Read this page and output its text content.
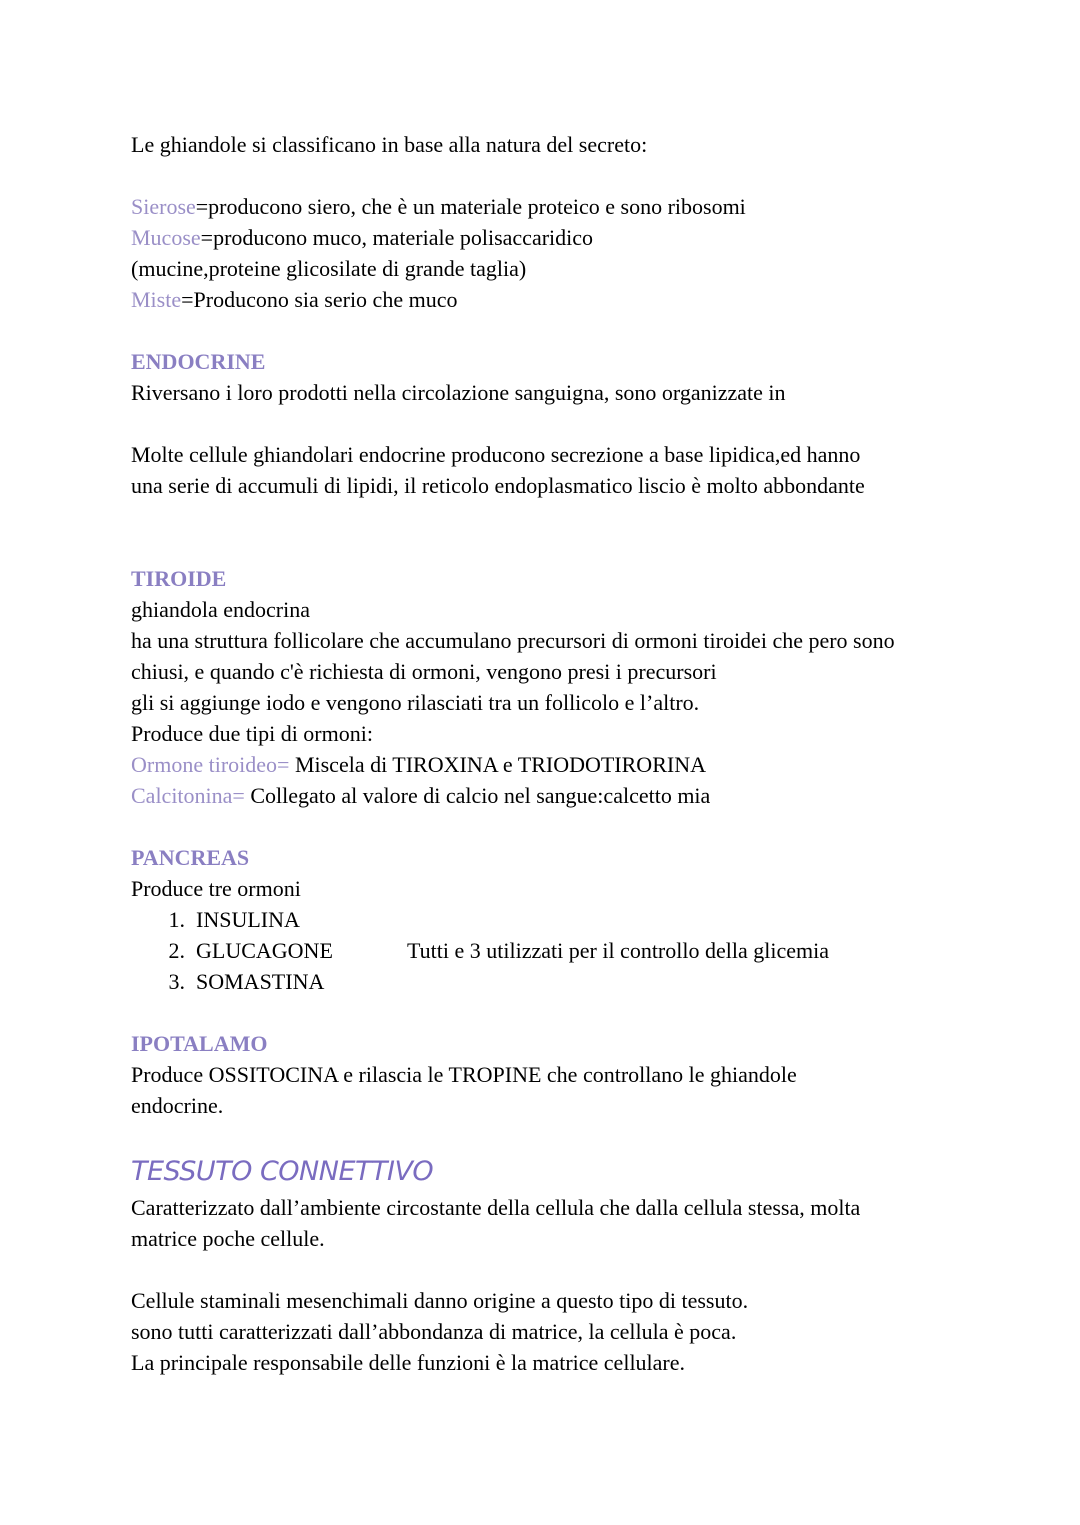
Le ghiandole si classificano in base alla natura del secreto:
Sierose=producono siero, che è un materiale proteico e sono ribosomi
Mucose=producono muco, materiale polisaccaridico
(mucine,proteine glicosilate di grande taglia)
Miste=Producono sia serio che muco
ENDOCRINE
Riversano i loro prodotti nella circolazione sanguigna, sono organizzate in
Molte cellule ghiandolari endocrine producono secrezione a base lipidica,ed hanno
una serie di accumuli di lipidi, il reticolo endoplasmatico liscio è molto abbondante
TIROIDE
ghiandola endocrina
ha una struttura follicolare che accumulano precursori di ormoni tiroidei che pero sono
chiusi, e quando c'è richiesta di ormoni, vengono presi i precursori
gli si aggiunge iodo e vengono rilasciati tra un follicolo e l’altro.
Produce due tipi di ormoni:
Ormone tiroideo= Miscela di TIROXINA e TRIODOTIRORINA
Calcitonina= Collegato al valore di calcio nel sangue:calcetto mia
PANCREAS
Produce tre ormoni
1. INSULINA
2. GLUCAGONE	Tutti e 3 utilizzati per il controllo della glicemia
3. SOMASTINA
IPOTALAMO
Produce OSSITOCINA e rilascia le TROPINE che controllano le ghiandole
endocrine.
TESSUTO CONNETTIVO
Caratterizzato dall’ambiente circostante della cellula che dalla cellula stessa, molta
matrice poche cellule.
Cellule staminali mesenchimali danno origine a questo tipo di tessuto.
sono tutti caratterizzati dall’abbondanza di matrice, la cellula è poca.
La principale responsabile delle funzioni è la matrice cellulare.
